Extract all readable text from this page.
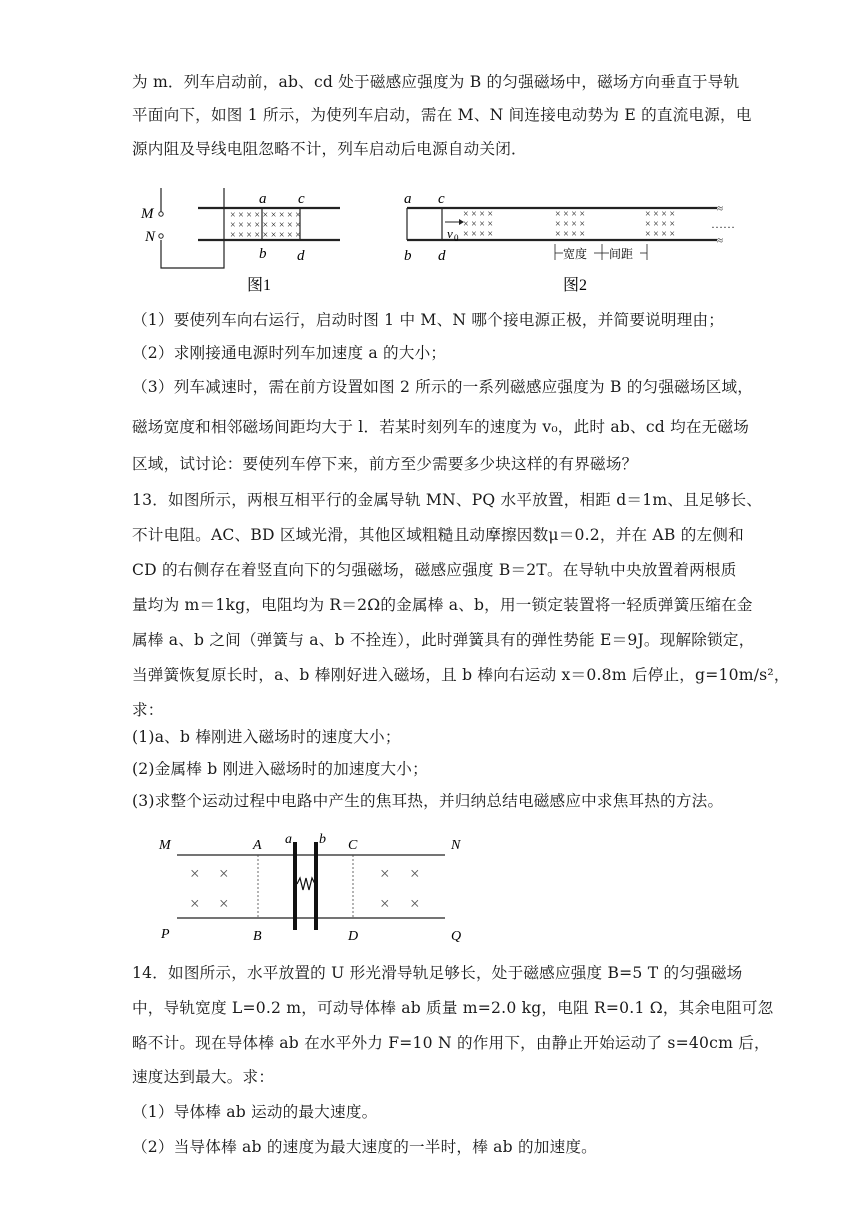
为 m．列车启动前，ab、cd 处于磁感应强度为 B 的匀强磁场中，磁场方向垂直于导轨
平面向下，如图 1 所示，为使列车启动，需在 M、N 间连接电动势为 E 的直流电源，电
源内阻及导线电阻忽略不计，列车启动后电源自动关闭．
× × × × × × × × ×
× × × × × × × × ×
× × × × × × × × ×
M
N
a c
b d
图1
× × × ×
× × × ×
× × × ×
× × × ×
× × × ×
× × × ×
× × × ×
× × × ×
× × × ×
≈
≈
……
宽度 间距
a c
b d
v 0
图2
（1）要使列车向右运行，启动时图 1 中 M、N 哪个接电源正极，并简要说明理由；
（2）求刚接通电源时列车加速度 a 的大小；
（3）列车减速时，需在前方设置如图 2 所示的一系列磁感应强度为 B 的匀强磁场区域，
磁场宽度和相邻磁场间距均大于 l．若某时刻列车的速度为 v₀，此时 ab、cd 均在无磁场
区域，试讨论：要使列车停下来，前方至少需要多少块这样的有界磁场？
13．如图所示，两根互相平行的金属导轨 MN、PQ 水平放置，相距 d＝1m、且足够长、
不计电阻。AC、BD 区域光滑，其他区域粗糙且动摩擦因数μ＝0.2，并在 AB 的左侧和
CD 的右侧存在着竖直向下的匀强磁场，磁感应强度 B＝2T。在导轨中央放置着两根质
量均为 m＝1kg，电阻均为 R＝2Ω的金属棒 a、b，用一锁定装置将一轻质弹簧压缩在金
属棒 a、b 之间（弹簧与 a、b 不拴连），此时弹簧具有的弹性势能 E＝9J。现解除锁定，
当弹簧恢复原长时，a、b 棒刚好进入磁场，且 b 棒向右运动 x＝0.8m 后停止，g=10m/s²，
求：
(1)a、b 棒刚进入磁场时的速度大小；
(2)金属棒 b 刚进入磁场时的加速度大小；
(3)求整个运动过程中电路中产生的焦耳热，并归纳总结电磁感应中求焦耳热的方法。
× ×
× ×
× ×
× ×
M	N
P	Q
A
B
C
D
a b
14．如图所示，水平放置的 U 形光滑导轨足够长，处于磁感应强度 B=5 T 的匀强磁场
中，导轨宽度 L=0.2 m，可动导体棒 ab 质量 m=2.0 kg，电阻 R=0.1 Ω，其余电阻可忽
略不计。现在导体棒 ab 在水平外力 F=10 N 的作用下，由静止开始运动了 s=40cm 后，
速度达到最大。求：
（1）导体棒 ab 运动的最大速度。
（2）当导体棒 ab 的速度为最大速度的一半时，棒 ab 的加速度。
